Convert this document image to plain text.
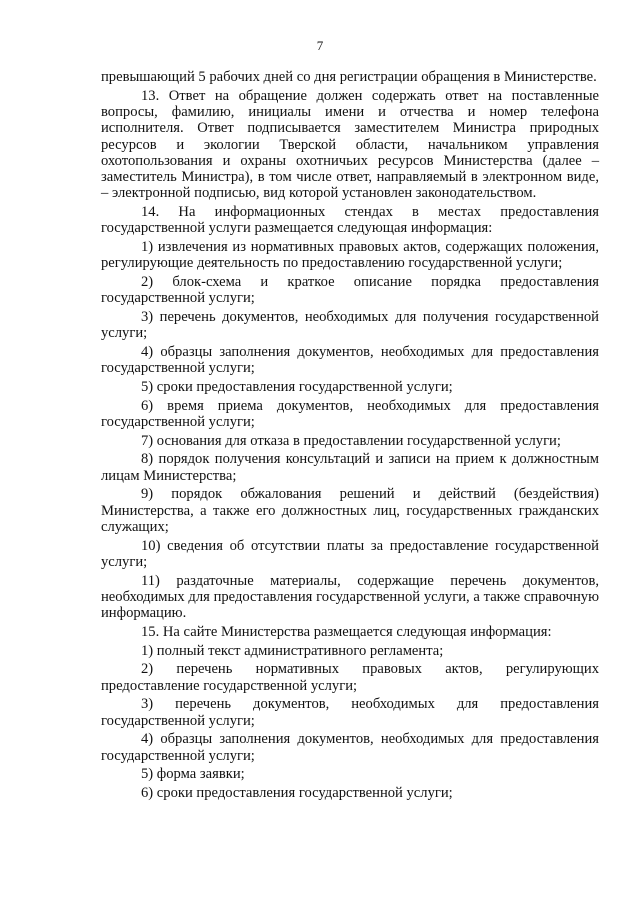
7

превышающий 5 рабочих дней со дня регистрации обращения в Министерстве.

13. Ответ на обращение должен содержать ответ на поставленные вопросы, фамилию, инициалы имени и отчества и номер телефона исполнителя. Ответ подписывается заместителем Министра природных ресурсов и экологии Тверской области, начальником управления охотопользования и охраны охотничьих ресурсов Министерства (далее – заместитель Министра), в том числе ответ, направляемый в электронном виде, – электронной подписью, вид которой установлен законодательством.

14. На информационных стендах в местах предоставления государственной услуги размещается следующая информация:

1) извлечения из нормативных правовых актов, содержащих положения, регулирующие деятельность по предоставлению государственной услуги;

2) блок-схема и краткое описание порядка предоставления государственной услуги;

3) перечень документов, необходимых для получения государственной услуги;

4) образцы заполнения документов, необходимых для предоставления государственной услуги;

5) сроки предоставления государственной услуги;

6) время приема документов, необходимых для предоставления государственной услуги;

7) основания для отказа в предоставлении государственной услуги;

8) порядок получения консультаций и записи на прием к должностным лицам Министерства;

9) порядок обжалования решений и действий (бездействия) Министерства, а также его должностных лиц, государственных гражданских служащих;

10) сведения об отсутствии платы за предоставление государственной услуги;

11) раздаточные материалы, содержащие перечень документов, необходимых для предоставления государственной услуги, а также справочную информацию.

15. На сайте Министерства размещается следующая информация:

1) полный текст административного регламента;

2) перечень нормативных правовых актов, регулирующих предоставление государственной услуги;

3) перечень документов, необходимых для предоставления государственной услуги;

4) образцы заполнения документов, необходимых для предоставления государственной услуги;

5) форма заявки;

6) сроки предоставления государственной услуги;
